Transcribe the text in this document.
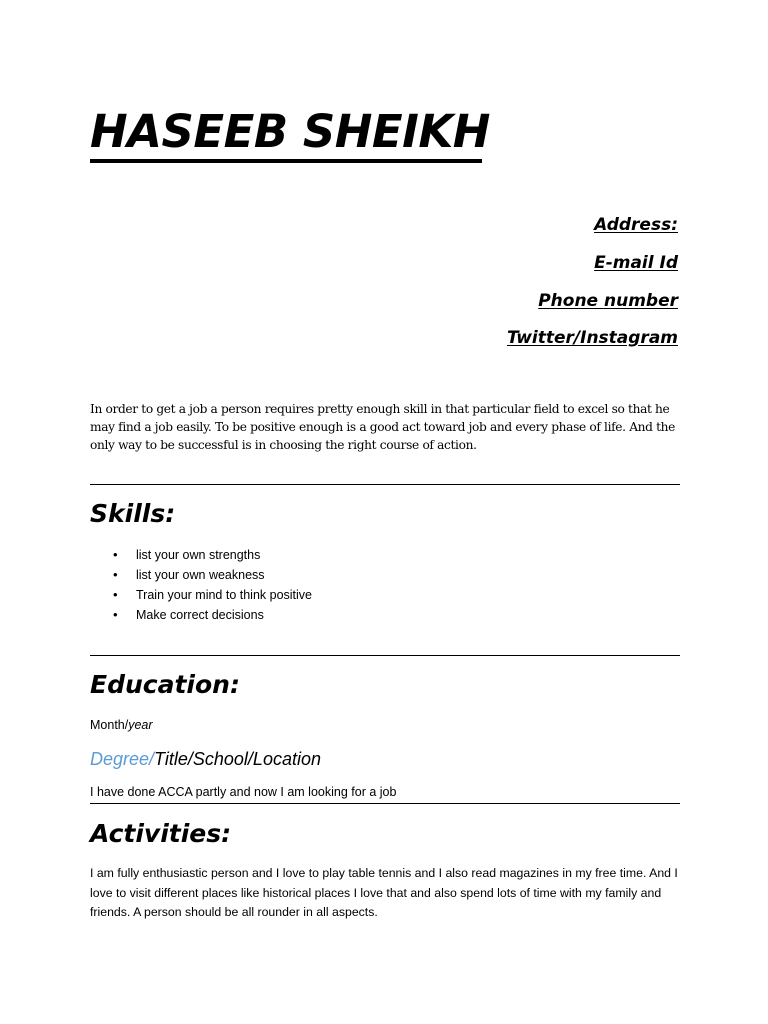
HASEEB SHEIKH

Address:

E-mail Id

Phone number

Twitter/Instagram

In order to get a job a person requires pretty enough skill in that particular field to excel so that he may find a job easily. To be positive enough is a good act toward job and every phase of life. And the only way to be successful is in choosing the right course of action.

Skills:
• list your own strengths
• list your own weakness
• Train your mind to think positive
• Make correct decisions
Education:

Month/year

Degree/Title/School/Location

I have done ACCA partly and now I am looking for a job

Activities:

I am fully enthusiastic person and I love to play table tennis and I also read magazines in my free time. And I love to visit different places like historical places I love that and also spend lots of time with my family and friends. A person should be all rounder in all aspects.
